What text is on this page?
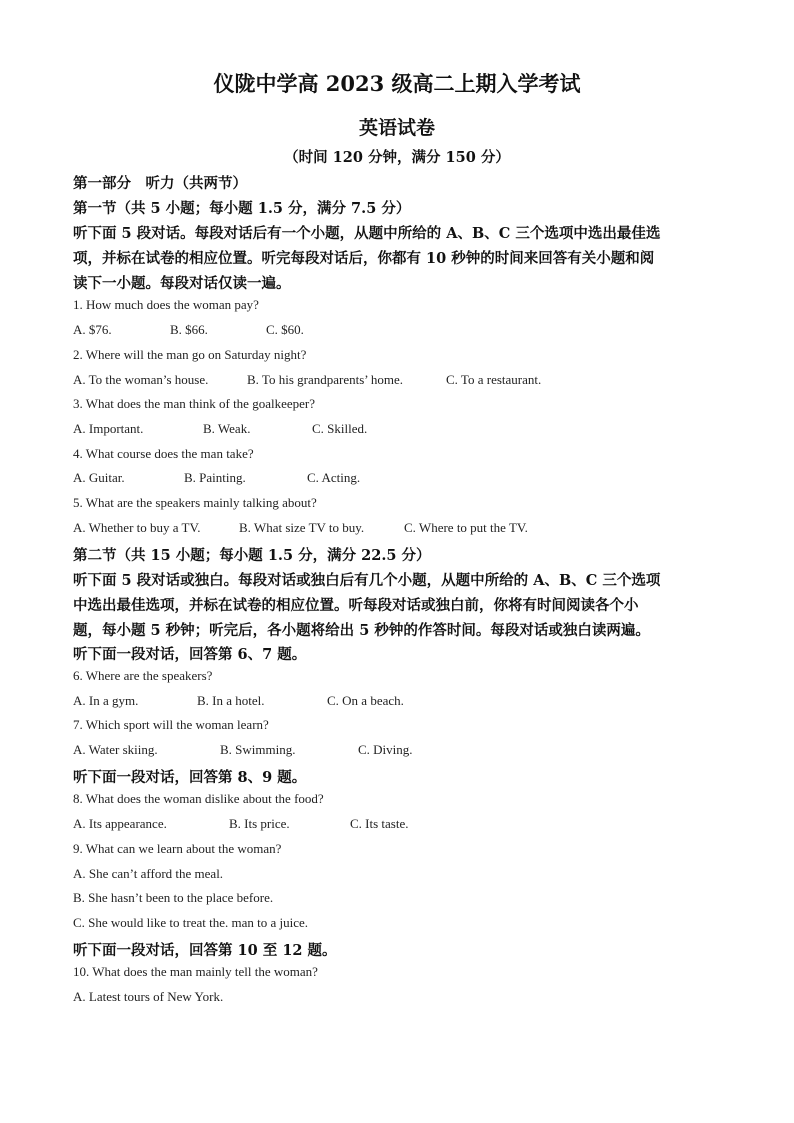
仪陇中学高 2023 级高二上期入学考试
英语试卷
（时间 120 分钟，满分 150 分）
第一部分　听力（共两节）
第一节（共 5 小题；每小题 1.5 分，满分 7.5 分）
听下面 5 段对话。每段对话后有一个小题，从题中所给的 A、B、C 三个选项中选出最佳选
项，并标在试卷的相应位置。听完每段对话后，你都有 10 秒钟的时间来回答有关小题和阅
读下一小题。每段对话仅读一遍。
1. How much does the woman pay?
A. $76.	B. $66.	C. $60.
2. Where will the man go on Saturday night?
A. To the woman’s house.	B. To his grandparents’ home.	C. To a restaurant.
3. What does the man think of the goalkeeper?
A. Important.	B. Weak.	C. Skilled.
4. What course does the man take?
A. Guitar.	B. Painting.	C. Acting.
5. What are the speakers mainly talking about?
A. Whether to buy a TV.	B. What size TV to buy.	C. Where to put the TV.
第二节（共 15 小题；每小题 1.5 分，满分 22.5 分）
听下面 5 段对话或独白。每段对话或独白后有几个小题，从题中所给的 A、B、C 三个选项
中选出最佳选项，并标在试卷的相应位置。听每段对话或独白前，你将有时间阅读各个小
题，每小题 5 秒钟；听完后，各小题将给出 5 秒钟的作答时间。每段对话或独白读两遍。
听下面一段对话，回答第 6、7 题。
6. Where are the speakers?
A. In a gym.	B. In a hotel.	C. On a beach.
7. Which sport will the woman learn?
A. Water skiing.	B. Swimming.	C. Diving.
听下面一段对话，回答第 8、9 题。
8. What does the woman dislike about the food?
A. Its appearance.	B. Its price.	C. Its taste.
9. What can we learn about the woman?
A. She can’t afford the meal.
B. She hasn’t been to the place before.
C. She would like to treat the. man to a juice.
听下面一段对话，回答第 10 至 12 题。
10. What does the man mainly tell the woman?
A. Latest tours of New York.
